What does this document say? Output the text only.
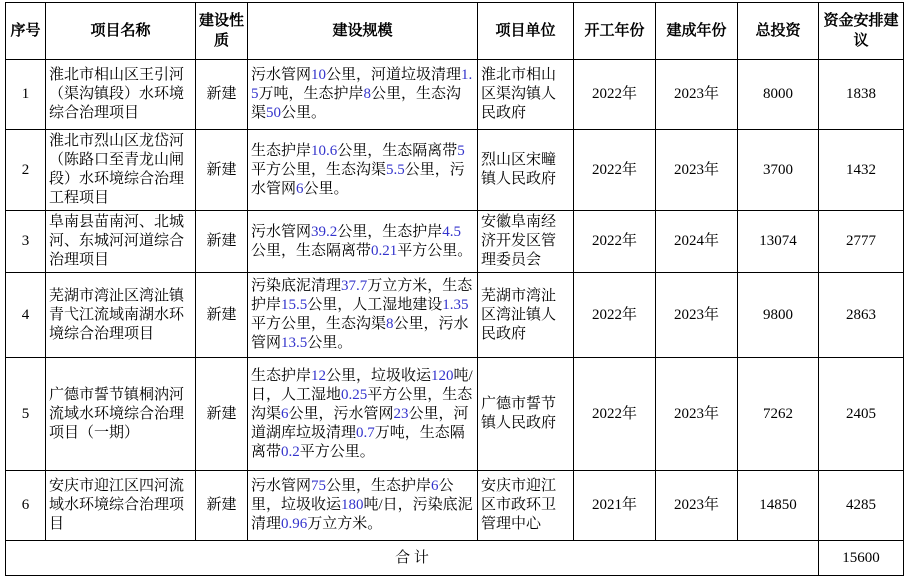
序号	项目名称	建设性质	建设规模	项目单位	开工年份	建成年份	总投资	资金安排建议
1	淮北市相山区王引河（渠沟镇段）水环境综合治理项目	新建	污水管网10公里，河道垃圾清理1.5万吨，生态护岸8公里，生态沟渠50公里。	淮北市相山区渠沟镇人民政府	2022年	2023年	8000	1838
2	淮北市烈山区龙岱河（陈路口至青龙山闸段）水环境综合治理工程项目	新建	生态护岸10.6公里，生态隔离带5平方公里，生态沟渠5.5公里，污水管网6公里。	烈山区宋疃镇人民政府	2022年	2023年	3700	1432
3	阜南县苗南河、北城河、东城河河道综合治理项目	新建	污水管网39.2公里，生态护岸4.5公里，生态隔离带0.21平方公里。	安徽阜南经济开发区管理委员会	2022年	2024年	13074	2777
4	芜湖市湾沚区湾沚镇青弋江流域南湖水环境综合治理项目	新建	污染底泥清理37.7万立方米，生态护岸15.5公里，人工湿地建设1.35平方公里，生态沟渠8公里，污水管网13.5公里。	芜湖市湾沚区湾沚镇人民政府	2022年	2023年	9800	2863
5	广德市誓节镇桐汭河流域水环境综合治理项目（一期）	新建	生态护岸12公里，垃圾收运120吨/日，人工湿地0.25平方公里，生态沟渠6公里，污水管网23公里，河道湖库垃圾清理0.7万吨，生态隔离带0.2平方公里。	广德市誓节镇人民政府	2022年	2023年	7262	2405
6	安庆市迎江区四河流域水环境综合治理项目	新建	污水管网75公里，生态护岸6公里，垃圾收运180吨/日，污染底泥清理0.96万立方米。	安庆市迎江区市政环卫管理中心	2021年	2023年	14850	4285
合 计								15600
